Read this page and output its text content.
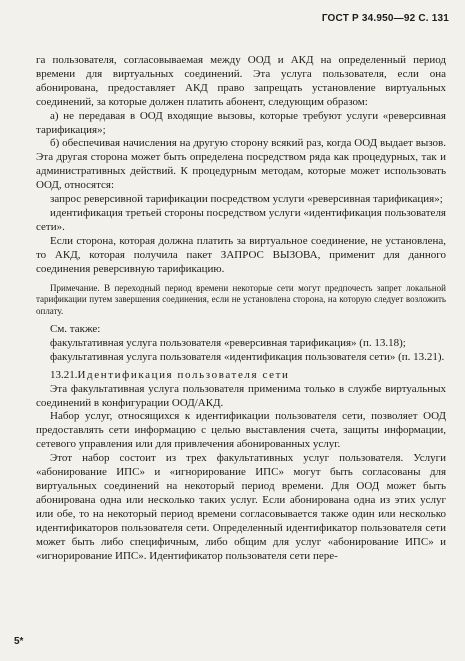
ГОСТ Р 34.950—92 С. 131

га пользователя, согласовываемая между ООД и АКД на определенный период времени для виртуальных соединений. Эта услуга пользователя, если она абонирована, предоставляет АКД право запрещать установление виртуальных соединений, за которые должен платить абонент, следующим образом:

а) не передавая в ООД входящие вызовы, которые требуют услуги «реверсивная тарификация»;

б) обеспечивая начисления на другую сторону всякий раз, когда ООД выдает вызов. Эта другая сторона может быть определена посредством ряда как процедурных, так и административных действий. К процедурным методам, которые может использовать ООД, относятся:

запрос реверсивной тарификации посредством услуги «реверсивная тарификация»;

идентификация третьей стороны посредством услуги «идентификация пользователя сети».

Если сторона, которая должна платить за виртуальное соединение, не установлена, то АКД, которая получила пакет ЗАПРОС ВЫЗОВА, применит для данного соединения реверсивную тарификацию.

Примечание. В переходный период времени некоторые сети могут предпочесть запрет локальной тарификации путем завершения соединения, если не установлена сторона, на которую следует возложить оплату.

См. также:

факультативная услуга пользователя «реверсивная тарификация» (п. 13.18);

факультативная услуга пользователя «идентификация пользователя сети» (п. 13.21).

13.21.Идентификация пользователя сети

Эта факультативная услуга пользователя применима только в службе виртуальных соединений в конфигурации ООД/АКД.

Набор услуг, относящихся к идентификации пользователя сети, позволяет ООД предоставлять сети информацию с целью выставления счета, защиты информации, сетевого управления или для привлечения абонированных услуг.

Этот набор состоит из трех факультативных услуг пользователя. Услуги «абонирование ИПС» и «игнорирование ИПС» могут быть согласованы для виртуальных соединений на некоторый период времени. Для ООД может быть абонирована одна или несколько таких услуг. Если абонирована одна из этих услуг или обе, то на некоторый период времени согласовывается также один или несколько идентификаторов пользователя сети. Определенный идентификатор пользователя сети может быть либо специфичным, либо общим для услуг «абонирование ИПС» и «игнорирование ИПС». Идентификатор пользователя сети пере-

5*
